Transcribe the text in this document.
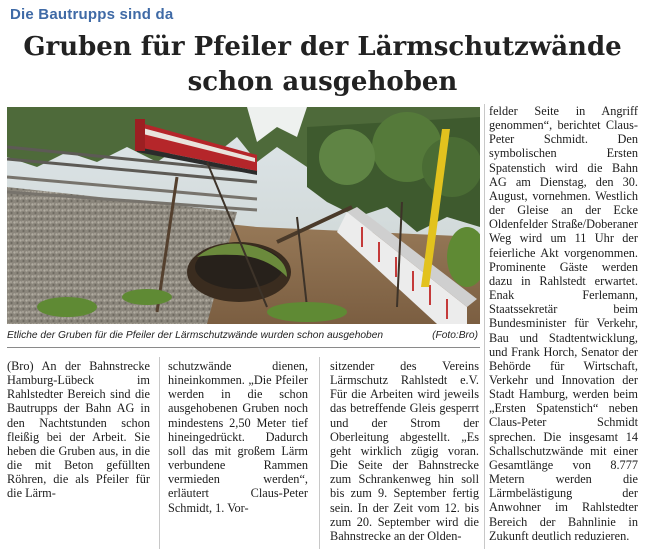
Die Bautrupps sind da
Gruben für Pfeiler der Lärmschutzwände
schon ausgehoben
Etliche der Gruben für die Pfeiler der Lärmschutzwände wurden schon ausgehoben	(Foto:Bro)

(Bro) An der Bahnstrecke Hamburg-Lübeck im Rahlstedter Bereich sind die Bautrupps der Bahn AG in den Nachtstunden schon fleißig bei der Arbeit. Sie heben die Gruben aus, in die die mit Beton gefüllten Röhren, die als Pfeiler für die Lärm-

schutzwände dienen, hineinkommen. „Die Pfeiler werden in die schon ausgehobenen Gruben noch mindestens 2,50 Meter tief hineingedrückt. Dadurch soll das mit großem Lärm verbundene Rammen vermieden werden“, erläutert Claus-Peter Schmidt, 1. Vor-

sitzender des Vereins Lärmschutz Rahlstedt e.V. Für die Arbeiten wird jeweils das betreffende Gleis gesperrt und der Strom der Oberleitung abgestellt. „Es geht wirklich zügig voran. Die Seite der Bahnstrecke zum Schrankenweg hin soll bis zum 9. September fertig sein. In der Zeit vom 12. bis zum 20. September wird die Bahnstrecke an der Olden-

felder Seite in Angriff genommen“, berichtet Claus-Peter Schmidt. Den symbolischen Ersten Spatenstich wird die Bahn AG am Dienstag, den 30. August, vornehmen. Westlich der Gleise an der Ecke Oldenfelder Straße/Doberaner Weg wird um 11 Uhr der feierliche Akt vorgenommen. Prominente Gäste werden dazu in Rahlstedt erwartet. Enak Ferlemann, Staatssekretär beim Bundesminister für Verkehr, Bau und Stadtentwicklung, und Frank Horch, Senator der Behörde für Wirtschaft, Verkehr und Innovation der Stadt Hamburg, werden beim „Ersten Spatenstich“ neben Claus-Peter Schmidt sprechen. Die insgesamt 14 Schallschutzwände mit einer Gesamtlänge von 8.777 Metern werden die Lärmbelästigung der Anwohner im Rahlstedter Bereich der Bahnlinie in Zukunft deutlich reduzieren.
